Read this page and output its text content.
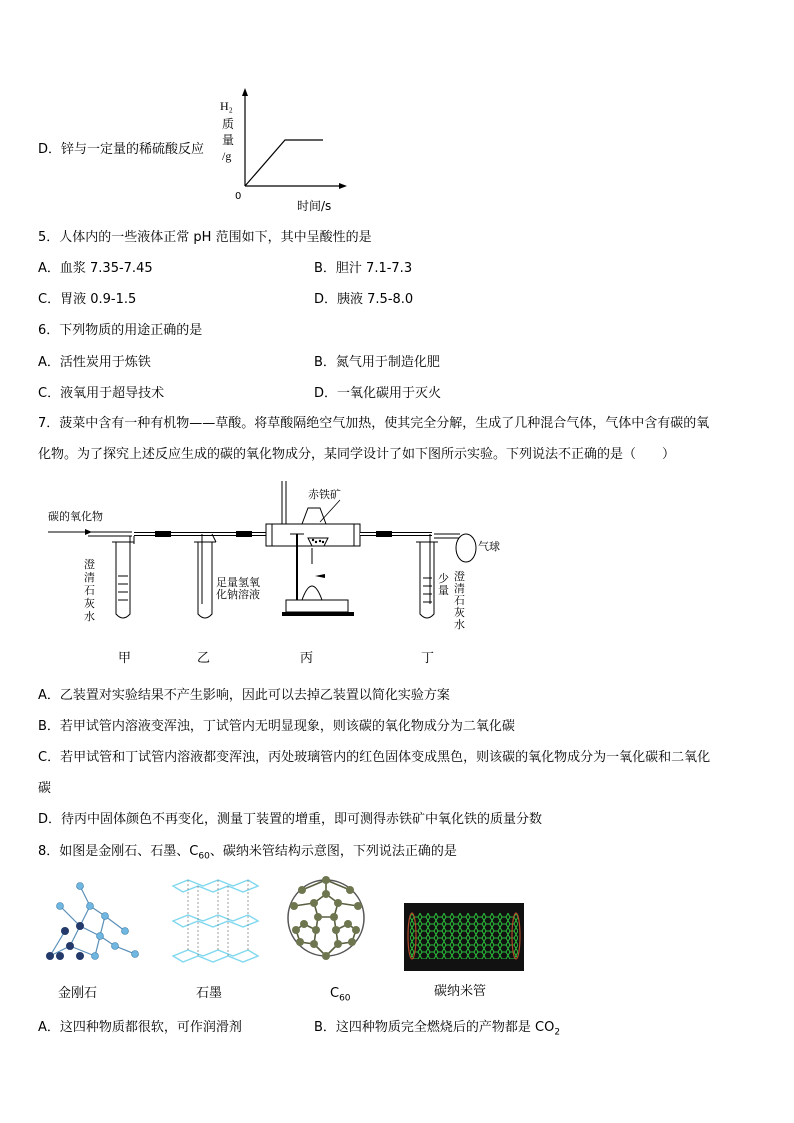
D．锌与一定量的稀硫酸反应
H₂
质
量
/g
0
时间/s
5．人体内的一些液体正常 pH 范围如下，其中呈酸性的是
A．血浆 7.35-7.45	B．胆汁 7.1-7.3
C．胃液 0.9-1.5	D．胰液 7.5-8.0
6．下列物质的用途正确的是
A．活性炭用于炼铁	B．氮气用于制造化肥
C．液氧用于超导技术	D．一氧化碳用于灭火
7．菠菜中含有一种有机物——草酸。将草酸隔绝空气加热，使其完全分解，生成了几种混合气体，气体中含有碳的氧
化物。为了探究上述反应生成的碳的氧化物成分，某同学设计了如下图所示实验。下列说法不正确的是（　　）
碳的氧化物
澄
清
石
灰
水
足量氢氧
化钠溶液
赤铁矿
气球
少
量
澄
清
石
灰
水
甲	乙	丙	丁
A．乙装置对实验结果不产生影响，因此可以去掉乙装置以简化实验方案
B．若甲试管内溶液变浑浊，丁试管内无明显现象，则该碳的氧化物成分为二氧化碳
C．若甲试管和丁试管内溶液都变浑浊，丙处玻璃管内的红色固体变成黑色，则该碳的氧化物成分为一氧化碳和二氧化
碳
D．待丙中固体颜色不再变化，测量丁装置的增重，即可测得赤铁矿中氧化铁的质量分数
8．如图是金刚石、石墨、$C_{60}$、碳纳米管结构示意图，下列说法正确的是
金刚石	石墨	$C_{60}$	碳纳米管
A．这四种物质都很软，可作润滑剂	B．这四种物质完全燃烧后的产物都是 $CO_2$
